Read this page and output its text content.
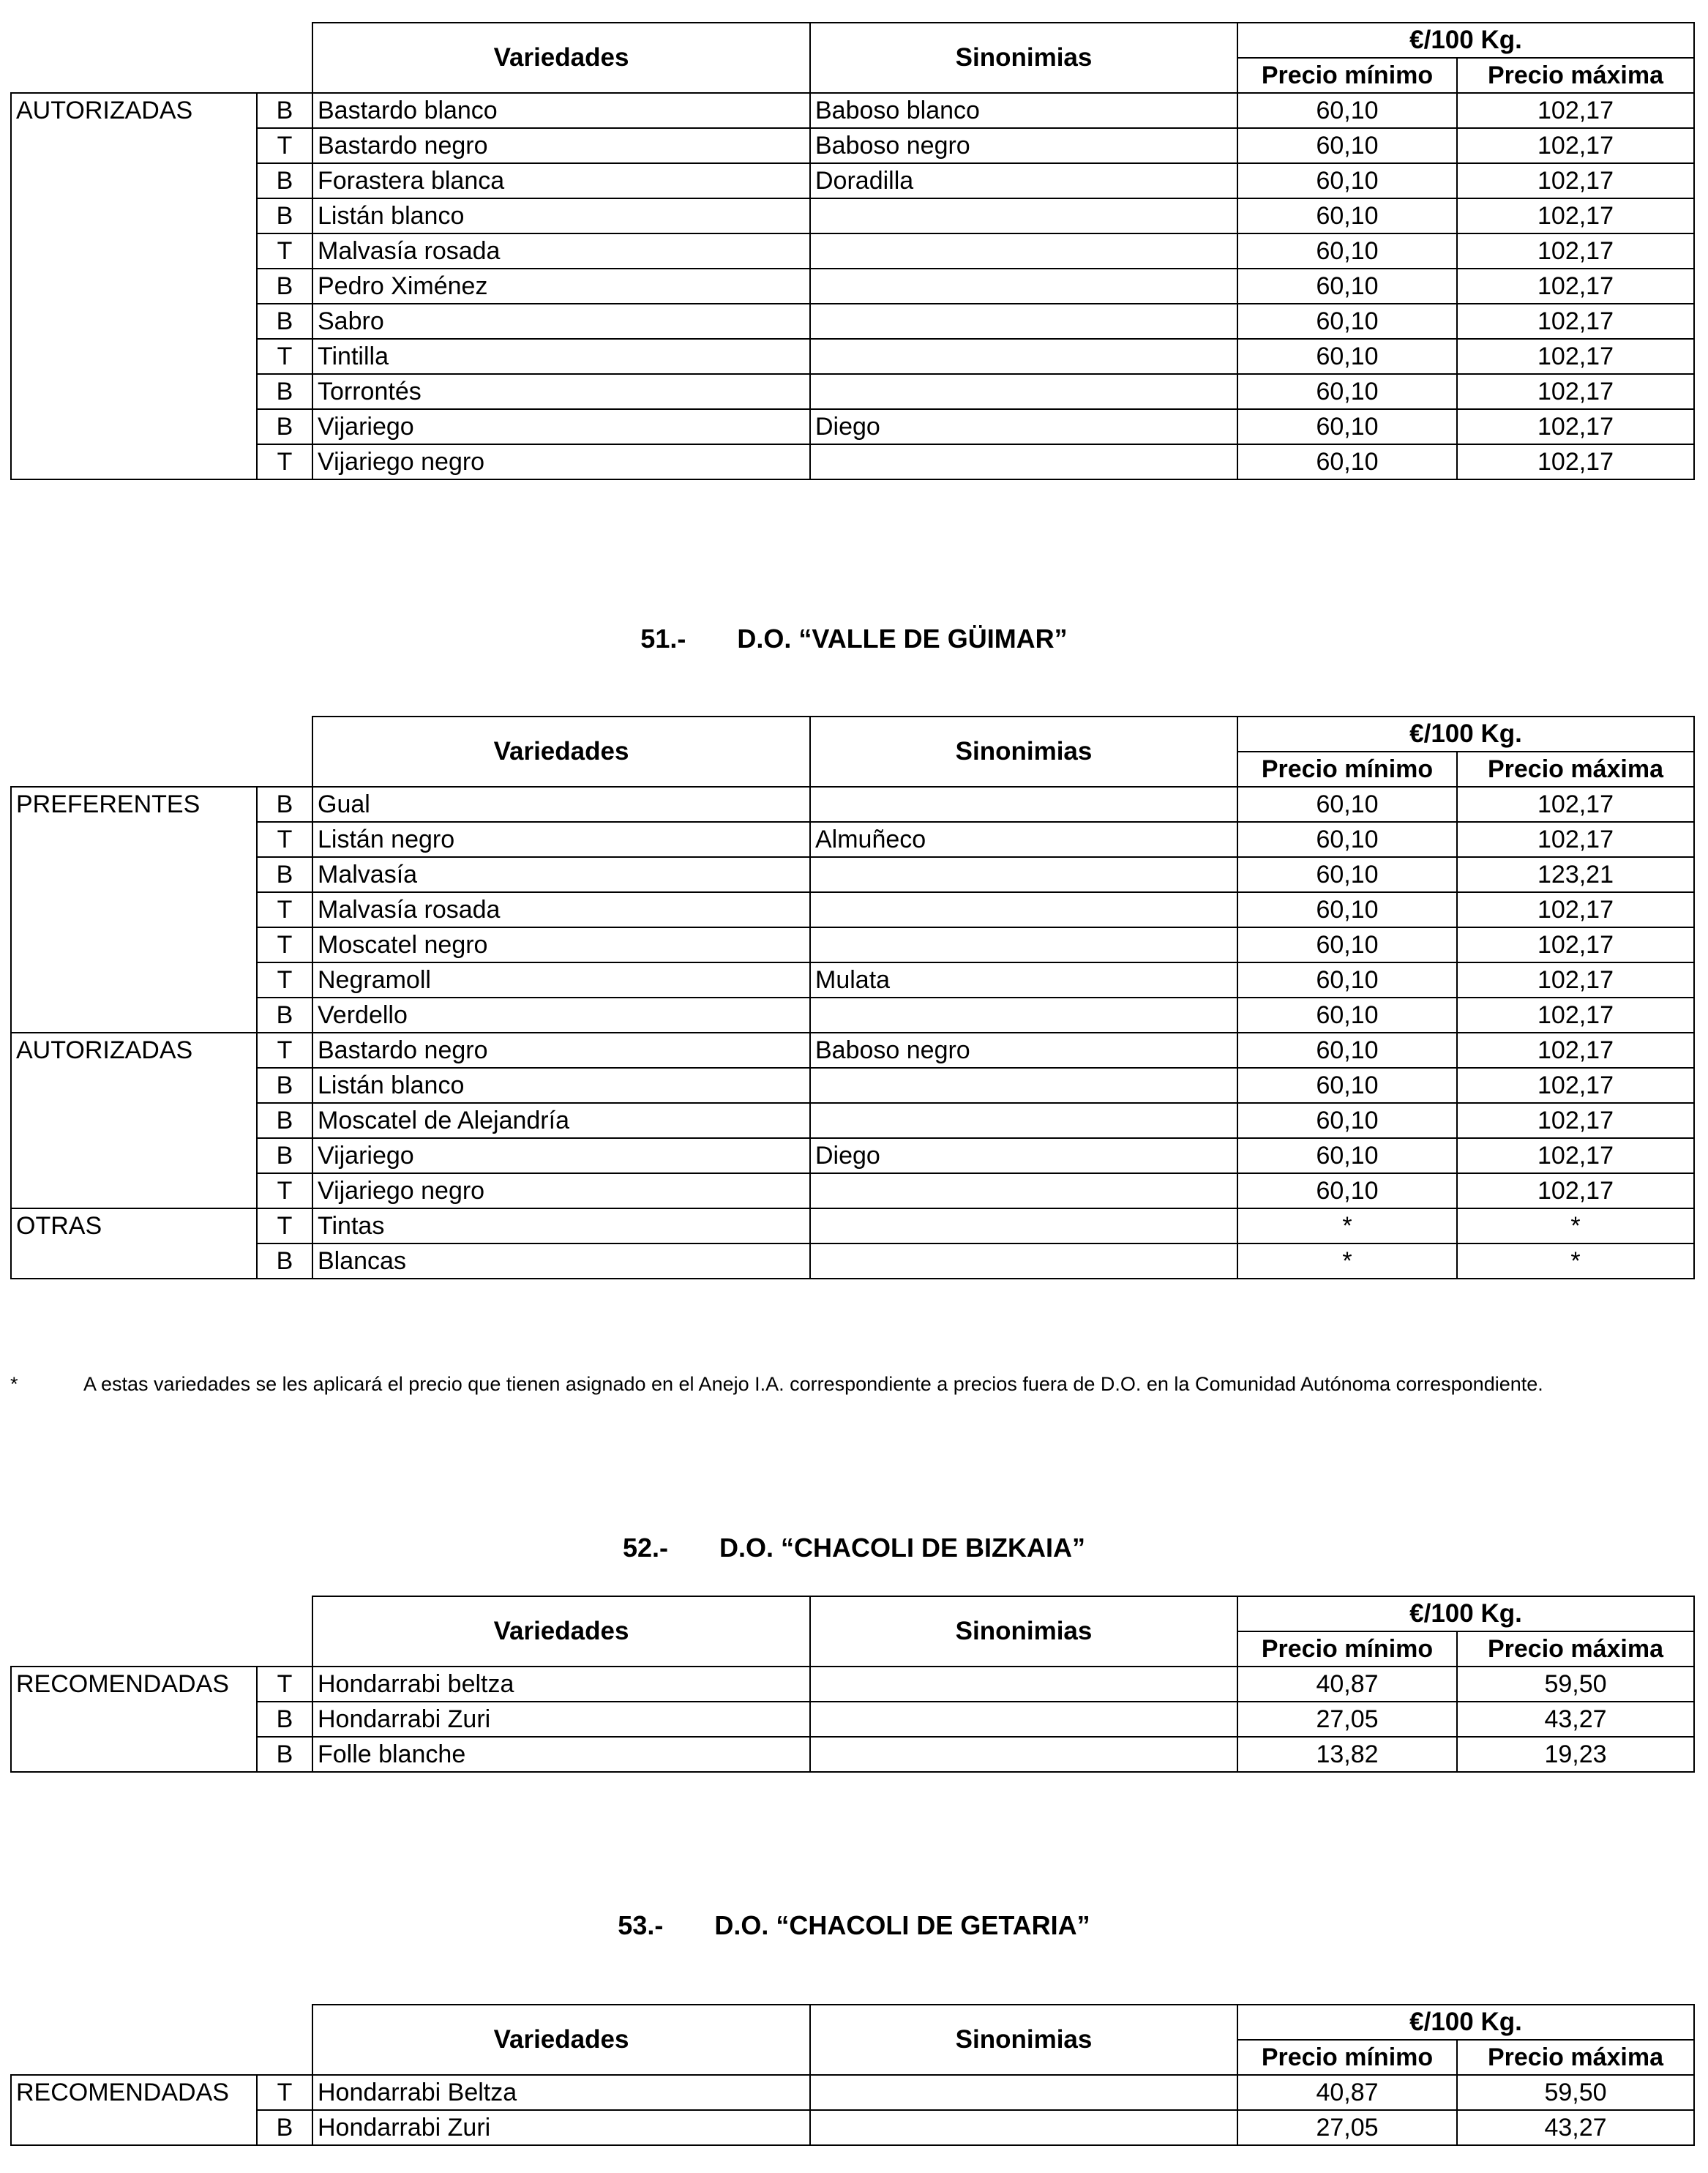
		Variedades	Sinonimias	€/100 Kg.	
				Precio mínimo	Precio máxima
AUTORIZADAS	B	Bastardo blanco	Baboso blanco	60,10	102,17
	T	Bastardo negro	Baboso negro	60,10	102,17
	B	Forastera blanca	Doradilla	60,10	102,17
	B	Listán blanco		60,10	102,17
	T	Malvasía rosada		60,10	102,17
	B	Pedro Ximénez		60,10	102,17
	B	Sabro		60,10	102,17
	T	Tintilla		60,10	102,17
	B	Torrontés		60,10	102,17
	B	Vijariego	Diego	60,10	102,17
	T	Vijariego negro		60,10	102,17
51.- D.O. “VALLE DE GÜIMAR”
		Variedades	Sinonimias	€/100 Kg.	
				Precio mínimo	Precio máxima
PREFERENTES	B	Gual		60,10	102,17
	T	Listán negro	Almuñeco	60,10	102,17
	B	Malvasía		60,10	123,21
	T	Malvasía rosada		60,10	102,17
	T	Moscatel negro		60,10	102,17
	T	Negramoll	Mulata	60,10	102,17
	B	Verdello		60,10	102,17
AUTORIZADAS	T	Bastardo negro	Baboso negro	60,10	102,17
	B	Listán blanco		60,10	102,17
	B	Moscatel de Alejandría		60,10	102,17
	B	Vijariego	Diego	60,10	102,17
	T	Vijariego negro		60,10	102,17
OTRAS	T	Tintas		*	*
	B	Blancas		*	*
*	A estas variedades se les aplicará el precio que tienen asignado en el Anejo I.A. correspondiente a precios fuera de D.O. en la Comunidad Autónoma correspondiente.
52.- D.O. “CHACOLI DE BIZKAIA”
		Variedades	Sinonimias	€/100 Kg.	
				Precio mínimo	Precio máxima
RECOMENDADAS	T	Hondarrabi beltza		40,87	59,50
	B	Hondarrabi Zuri		27,05	43,27
	B	Folle blanche		13,82	19,23
53.- D.O. “CHACOLI DE GETARIA”
		Variedades	Sinonimias	€/100 Kg.	
				Precio mínimo	Precio máxima
RECOMENDADAS	T	Hondarrabi Beltza		40,87	59,50
	B	Hondarrabi Zuri		27,05	43,27
